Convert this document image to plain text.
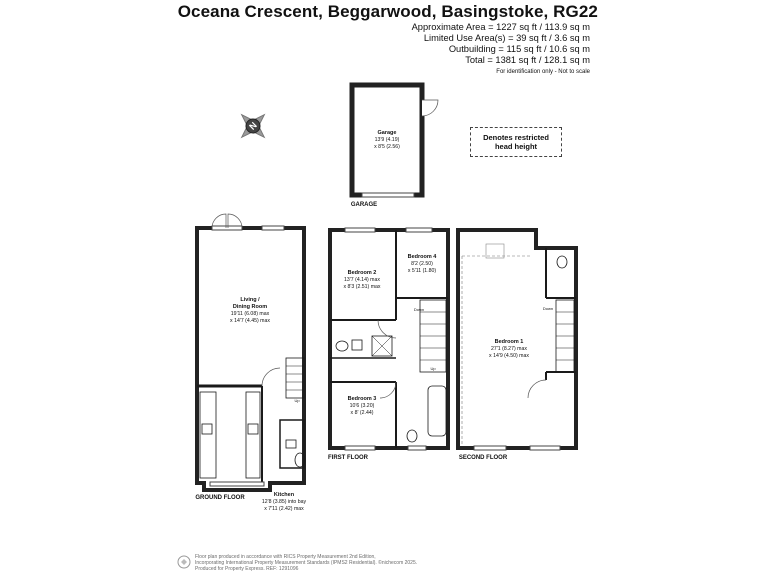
Oceana Crescent, Beggarwood, Basingstoke, RG22
Approximate Area = 1227 sq ft / 113.9 sq m
Limited Use Area(s) = 39 sq ft / 3.6 sq m
Outbuilding = 115 sq ft / 10.6 sq m
Total = 1381 sq ft / 128.1 sq m
For identification only - Not to scale
Denotes restricted
head height
N
Garage
13'9 (4.19)
x 8'5 (2.56)
GARAGE
Living /
Dining Room
19'11 (6.08) max
x 14'7 (4.45) max
Up
Kitchen
12'8 (3.85) into bay
x 7'11 (2.42) max
GROUND FLOOR
Bedroom 2
13'7 (4.14) max
x 8'3 (2.51) max
Bedroom 4
8'2 (2.50)
x 5'11 (1.80)
Bedroom 3
10'6 (3.20)
x 8' (2.44)
Down
Up
FIRST FLOOR
Bedroom 1
27'1 (8.27) max
x 14'9 (4.50) max
Down
SECOND FLOOR
Floor plan produced in accordance with RICS Property Measurement 2nd Edition,
Incorporating International Property Measurement Standards (IPMS2 Residential). ©nichecom 2025.
Produced for Property Express. REF: 1291096
